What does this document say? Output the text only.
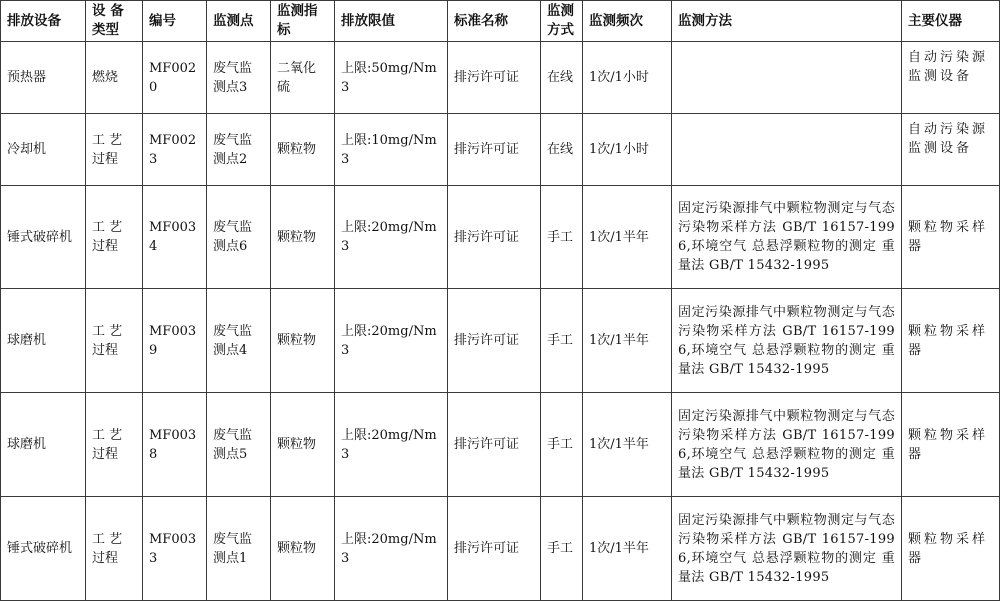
排放设备	设 备 类型	编号	监测点	监测指标	排放限值	标准名称	监测方式	监测频次	监测方法	主要仪器
预热器	燃烧	MF0020	废气监测点3	二氧化硫	上限:50mg/Nm3	排污许可证	在线	1次/1小时		自动污染源监测设备
冷却机	工 艺 过程	MF0023	废气监测点2	颗粒物	上限:10mg/Nm3	排污许可证	在线	1次/1小时		自动污染源监测设备
锤式破碎机	工 艺 过程	MF0034	废气监测点6	颗粒物	上限:20mg/Nm3	排污许可证	手工	1次/1半年	固定污染源排气中颗粒物测定与气态污染物采样方法 GB/T 16157-1996,环境空气 总悬浮颗粒物的测定 重量法 GB/T 15432-1995	颗粒物采样器
球磨机	工 艺 过程	MF0039	废气监测点4	颗粒物	上限:20mg/Nm3	排污许可证	手工	1次/1半年	固定污染源排气中颗粒物测定与气态污染物采样方法 GB/T 16157-1996,环境空气 总悬浮颗粒物的测定 重量法 GB/T 15432-1995	颗粒物采样器
球磨机	工 艺 过程	MF0038	废气监测点5	颗粒物	上限:20mg/Nm3	排污许可证	手工	1次/1半年	固定污染源排气中颗粒物测定与气态污染物采样方法 GB/T 16157-1996,环境空气 总悬浮颗粒物的测定 重量法 GB/T 15432-1995	颗粒物采样器
锤式破碎机	工 艺 过程	MF0033	废气监测点1	颗粒物	上限:20mg/Nm3	排污许可证	手工	1次/1半年	固定污染源排气中颗粒物测定与气态污染物采样方法 GB/T 16157-1996,环境空气 总悬浮颗粒物的测定 重量法 GB/T 15432-1995	颗粒物采样器
